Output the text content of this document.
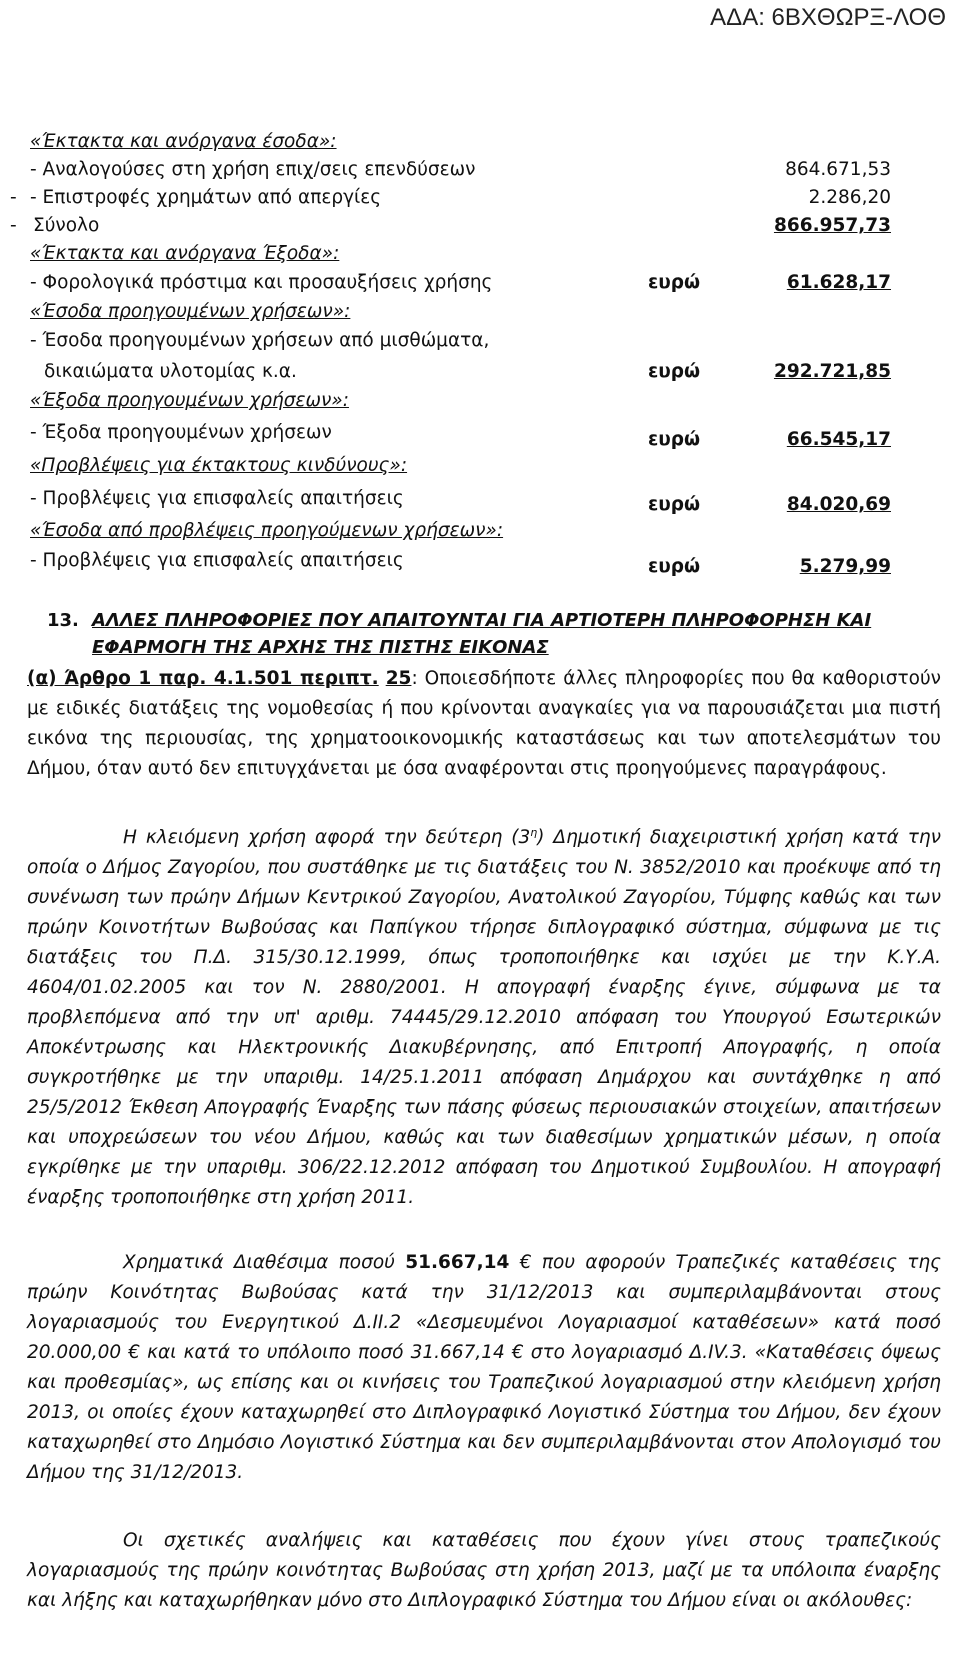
ΑΔΑ: 6ΒΧΘΩΡΞ-ΛΟΘ
«Έκτακτα και ανόργανα έσοδα»:
- Αναλογούσες στη χρήση επιχ/σεις επενδύσεων	864.671,53
- - Επιστροφές χρημάτων από απεργίες	2.286,20
- Σύνολο	866.957,73
«Έκτακτα και ανόργανα Έξοδα»:
- Φορολογικά πρόστιμα και προσαυξήσεις χρήσης	ευρώ	61.628,17
«Έσοδα προηγουμένων χρήσεων»:
- Έσοδα προηγουμένων χρήσεων από μισθώματα,
δικαιώματα υλοτομίας κ.α.	ευρώ	292.721,85
«Έξοδα προηγουμένων χρήσεων»:
- Έξοδα προηγουμένων χρήσεων	ευρώ	66.545,17
«Προβλέψεις για έκτακτους κινδύνους»:
- Προβλέψεις για επισφαλείς απαιτήσεις	ευρώ	84.020,69
«Έσοδα από προβλέψεις προηγούμενων χρήσεων»:
- Προβλέψεις για επισφαλείς απαιτήσεις	ευρώ	5.279,99
13. ΑΛΛΕΣ ΠΛΗΡΟΦΟΡΙΕΣ ΠΟΥ ΑΠΑΙΤΟΥΝΤΑΙ ΓΙΑ ΑΡΤΙΟΤΕΡΗ ΠΛΗΡΟΦΟΡΗΣΗ ΚΑΙ
ΕΦΑΡΜΟΓΗ ΤΗΣ ΑΡΧΗΣ ΤΗΣ ΠΙΣΤΗΣ ΕΙΚΟΝΑΣ
(α) Άρθρο 1 παρ. 4.1.501 περιπτ. 25: Οποιεσδήποτε άλλες πληροφορίες που θα καθοριστούν με ειδικές διατάξεις της νομοθεσίας ή που κρίνονται αναγκαίες για να παρουσιάζεται μια πιστή εικόνα της περιουσίας, της χρηματοοικονομικής καταστάσεως και των αποτελεσμάτων του Δήμου, όταν αυτό δεν επιτυγχάνεται με όσα αναφέρονται στις προηγούμενες παραγράφους.
Η κλειόμενη χρήση αφορά την δεύτερη $(3^\eta)$ Δημοτική διαχειριστική χρήση κατά την οποία ο Δήμος Ζαγορίου, που συστάθηκε με τις διατάξεις του Ν. 3852/2010 και προέκυψε από τη συνένωση των πρώην Δήμων Κεντρικού Ζαγορίου, Ανατολικού Ζαγορίου, Τύμφης καθώς και των πρώην Κοινοτήτων Βωβούσας και Παπίγκου τήρησε διπλογραφικό σύστημα, σύμφωνα με τις διατάξεις του Π.Δ. 315/30.12.1999, όπως τροποποιήθηκε και ισχύει με την Κ.Υ.Α. 4604/01.02.2005 και τον Ν. 2880/2001. Η απογραφή έναρξης έγινε, σύμφωνα με τα προβλεπόμενα από την υπ' αριθμ. 74445/29.12.2010 απόφαση του Υπουργού Εσωτερικών Αποκέντρωσης και Ηλεκτρονικής Διακυβέρνησης, από Επιτροπή Απογραφής, η οποία συγκροτήθηκε με την υπαριθμ. 14/25.1.2011 απόφαση Δημάρχου και συντάχθηκε η από 25/5/2012 Έκθεση Απογραφής Έναρξης των πάσης φύσεως περιουσιακών στοιχείων, απαιτήσεων και υποχρεώσεων του νέου Δήμου, καθώς και των διαθεσίμων χρηματικών μέσων, η οποία εγκρίθηκε με την υπαριθμ. 306/22.12.2012 απόφαση του Δημοτικού Συμβουλίου. Η απογραφή έναρξης τροποποιήθηκε στη χρήση 2011.
Χρηματικά Διαθέσιμα ποσού 51.667,14 € που αφορούν Τραπεζικές καταθέσεις της πρώην Κοινότητας Βωβούσας κατά την 31/12/2013 και συμπεριλαμβάνονται στους λογαριασμούς του Ενεργητικού Δ.ΙΙ.2 «Δεσμευμένοι Λογαριασμοί καταθέσεων» κατά ποσό 20.000,00 € και κατά το υπόλοιπο ποσό 31.667,14 € στο λογαριασμό Δ.ΙV.3. «Καταθέσεις όψεως και προθεσμίας», ως επίσης και οι κινήσεις του Τραπεζικού λογαριασμού στην κλειόμενη χρήση 2013, οι οποίες έχουν καταχωρηθεί στο Διπλογραφικό Λογιστικό Σύστημα του Δήμου, δεν έχουν καταχωρηθεί στο Δημόσιο Λογιστικό Σύστημα και δεν συμπεριλαμβάνονται στον Απολογισμό του Δήμου της 31/12/2013.
Οι σχετικές αναλήψεις και καταθέσεις που έχουν γίνει στους τραπεζικούς λογαριασμούς της πρώην κοινότητας Βωβούσας στη χρήση 2013, μαζί με τα υπόλοιπα έναρξης και λήξης και καταχωρήθηκαν μόνο στο Διπλογραφικό Σύστημα του Δήμου είναι οι ακόλουθες:
